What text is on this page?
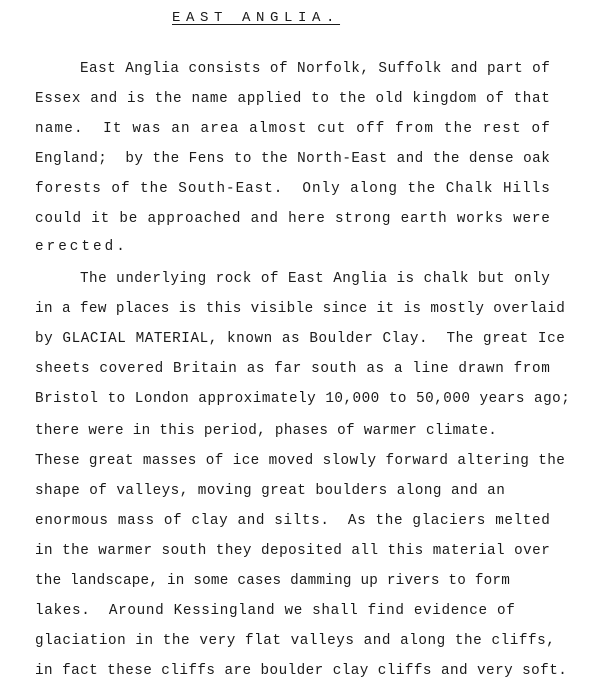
EAST ANGLIA.
East Anglia consists of Norfolk, Suffolk and part of
Essex and is the name applied to the old kingdom of that
name.  It was an area almost cut off from the rest of
England;  by the Fens to the North-East and the dense oak
forests of the South-East.  Only along the Chalk Hills
could it be approached and here strong earth works were
erected.
The underlying rock of East Anglia is chalk but only
in a few places is this visible since it is mostly overlaid
by GLACIAL MATERIAL, known as Boulder Clay.  The great Ice
sheets covered Britain as far south as a line drawn from
Bristol to London approximately 10,000 to 50,000 years ago;
there were in this period, phases of warmer climate.
These great masses of ice moved slowly forward altering the
shape of valleys, moving great boulders along and an
enormous mass of clay and silts.  As the glaciers melted
in the warmer south they deposited all this material over
the landscape, in some cases damming up rivers to form
lakes.  Around Kessingland we shall find evidence of
glaciation in the very flat valleys and along the cliffs,
in fact these cliffs are boulder clay cliffs and very soft.
